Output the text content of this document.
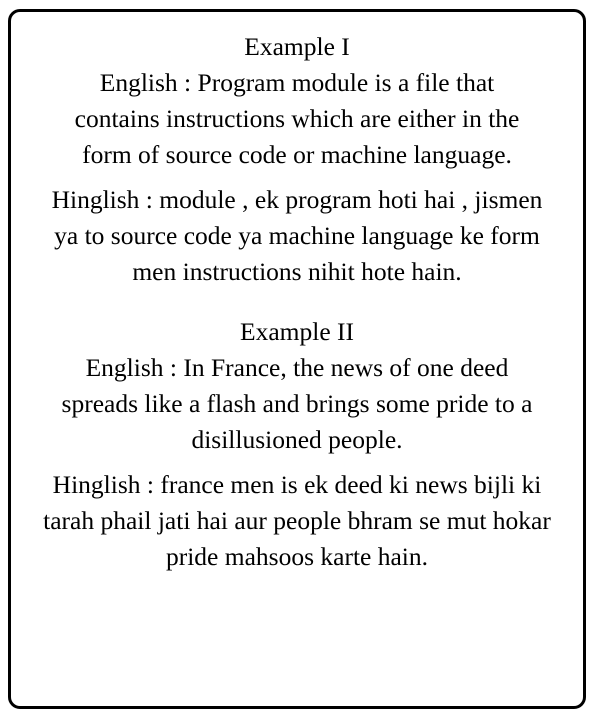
Example I

English : Program module is a file that contains instructions which are either in the form of source code or machine language.

Hinglish : module , ek program hoti hai , jismen ya to source code ya machine language ke form men instructions nihit hote hain.

Example II

English : In France, the news of one deed spreads like a flash and brings some pride to a disillusioned people.

Hinglish : france men is ek deed ki news bijli ki tarah phail jati hai aur people bhram se mut hokar pride mahsoos karte hain.
